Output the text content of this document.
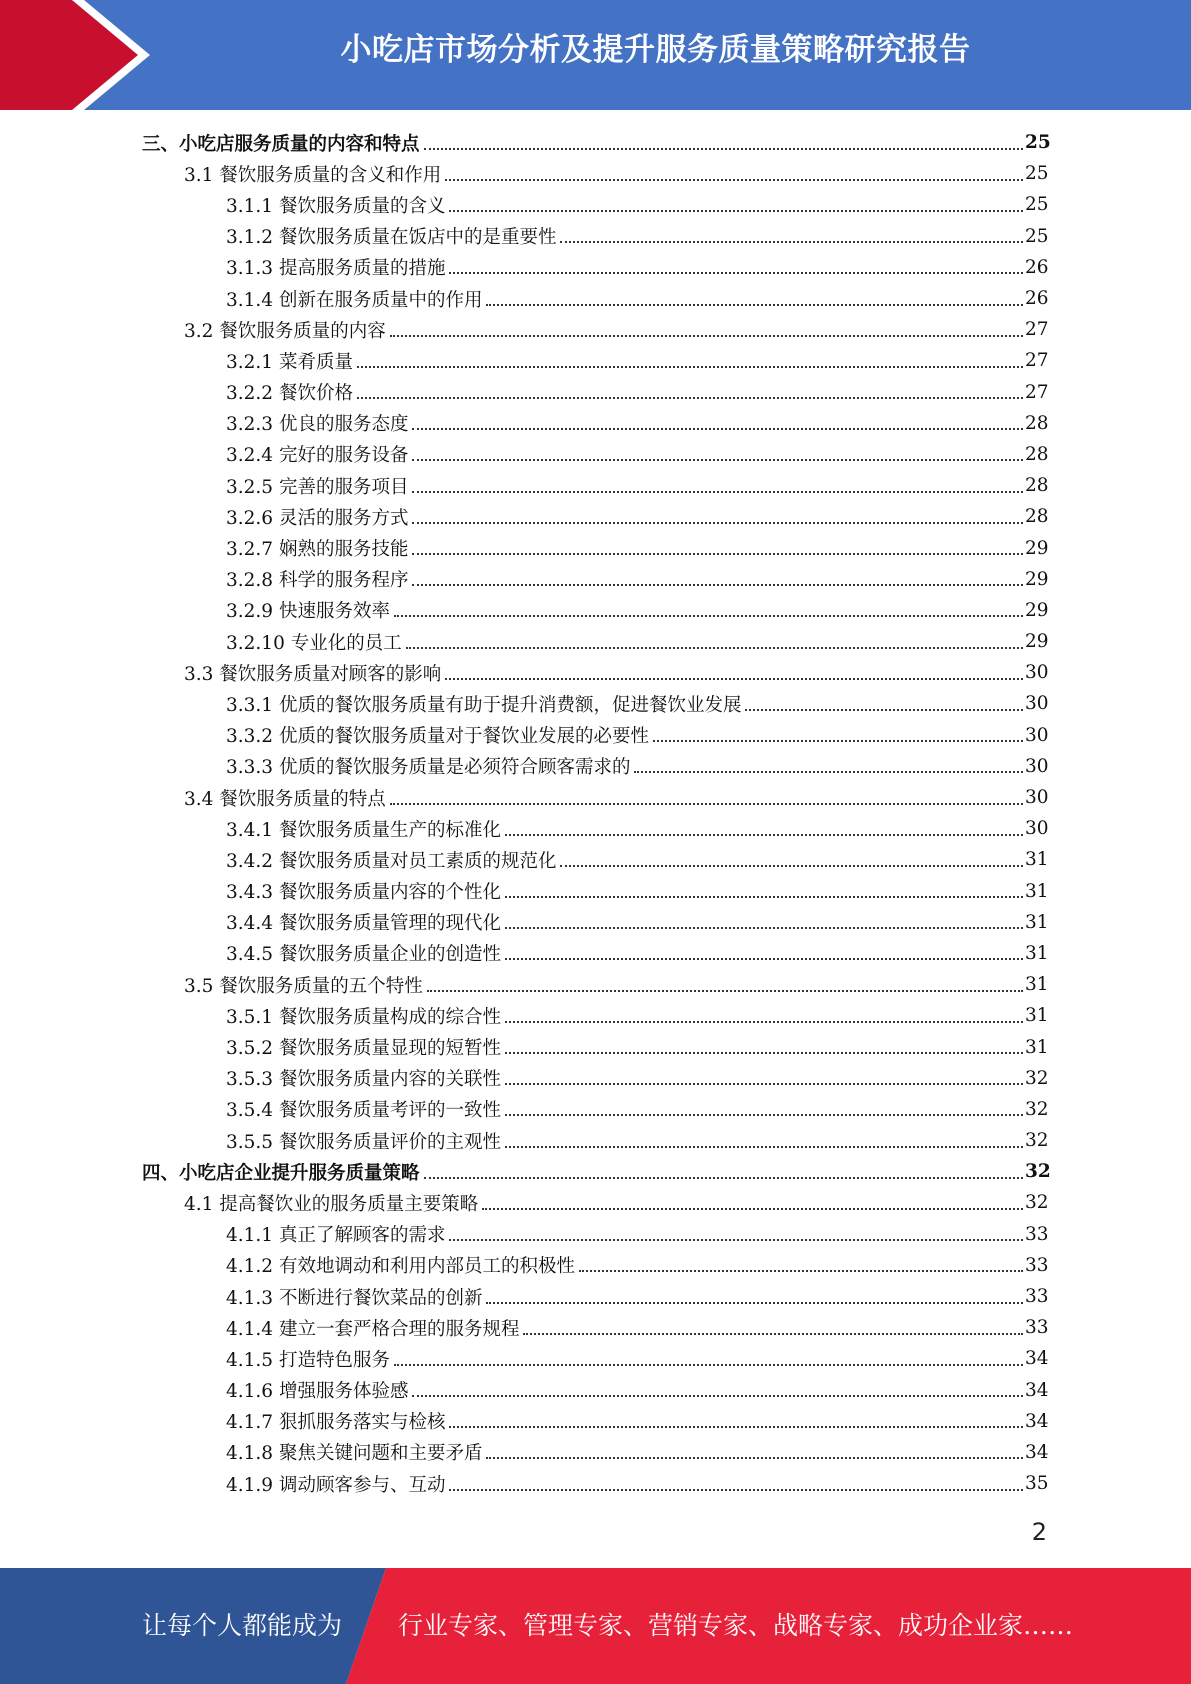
小吃店市场分析及提升服务质量策略研究报告
三、小吃店服务质量的内容和特点	25
3.1 餐饮服务质量的含义和作用	25
3.1.1 餐饮服务质量的含义	25
3.1.2 餐饮服务质量在饭店中的是重要性	25
3.1.3 提高服务质量的措施	26
3.1.4 创新在服务质量中的作用	26
3.2 餐饮服务质量的内容	27
3.2.1 菜肴质量	27
3.2.2 餐饮价格	27
3.2.3 优良的服务态度	28
3.2.4 完好的服务设备	28
3.2.5 完善的服务项目	28
3.2.6 灵活的服务方式	28
3.2.7 娴熟的服务技能	29
3.2.8 科学的服务程序	29
3.2.9 快速服务效率	29
3.2.10 专业化的员工	29
3.3 餐饮服务质量对顾客的影响	30
3.3.1 优质的餐饮服务质量有助于提升消费额，促进餐饮业发展	30
3.3.2 优质的餐饮服务质量对于餐饮业发展的必要性	30
3.3.3 优质的餐饮服务质量是必须符合顾客需求的	30
3.4 餐饮服务质量的特点	30
3.4.1 餐饮服务质量生产的标准化	30
3.4.2 餐饮服务质量对员工素质的规范化	31
3.4.3 餐饮服务质量内容的个性化	31
3.4.4 餐饮服务质量管理的现代化	31
3.4.5 餐饮服务质量企业的创造性	31
3.5 餐饮服务质量的五个特性	31
3.5.1 餐饮服务质量构成的综合性	31
3.5.2 餐饮服务质量显现的短暂性	31
3.5.3 餐饮服务质量内容的关联性	32
3.5.4 餐饮服务质量考评的一致性	32
3.5.5 餐饮服务质量评价的主观性	32
四、小吃店企业提升服务质量策略	32
4.1 提高餐饮业的服务质量主要策略	32
4.1.1 真正了解顾客的需求	33
4.1.2 有效地调动和利用内部员工的积极性	33
4.1.3 不断进行餐饮菜品的创新	33
4.1.4 建立一套严格合理的服务规程	33
4.1.5 打造特色服务	34
4.1.6 增强服务体验感	34
4.1.7 狠抓服务落实与检核	34
4.1.8 聚焦关键问题和主要矛盾	34
4.1.9 调动顾客参与、互动	35
2
让每个人都能成为 行业专家、管理专家、营销专家、战略专家、成功企业家……
